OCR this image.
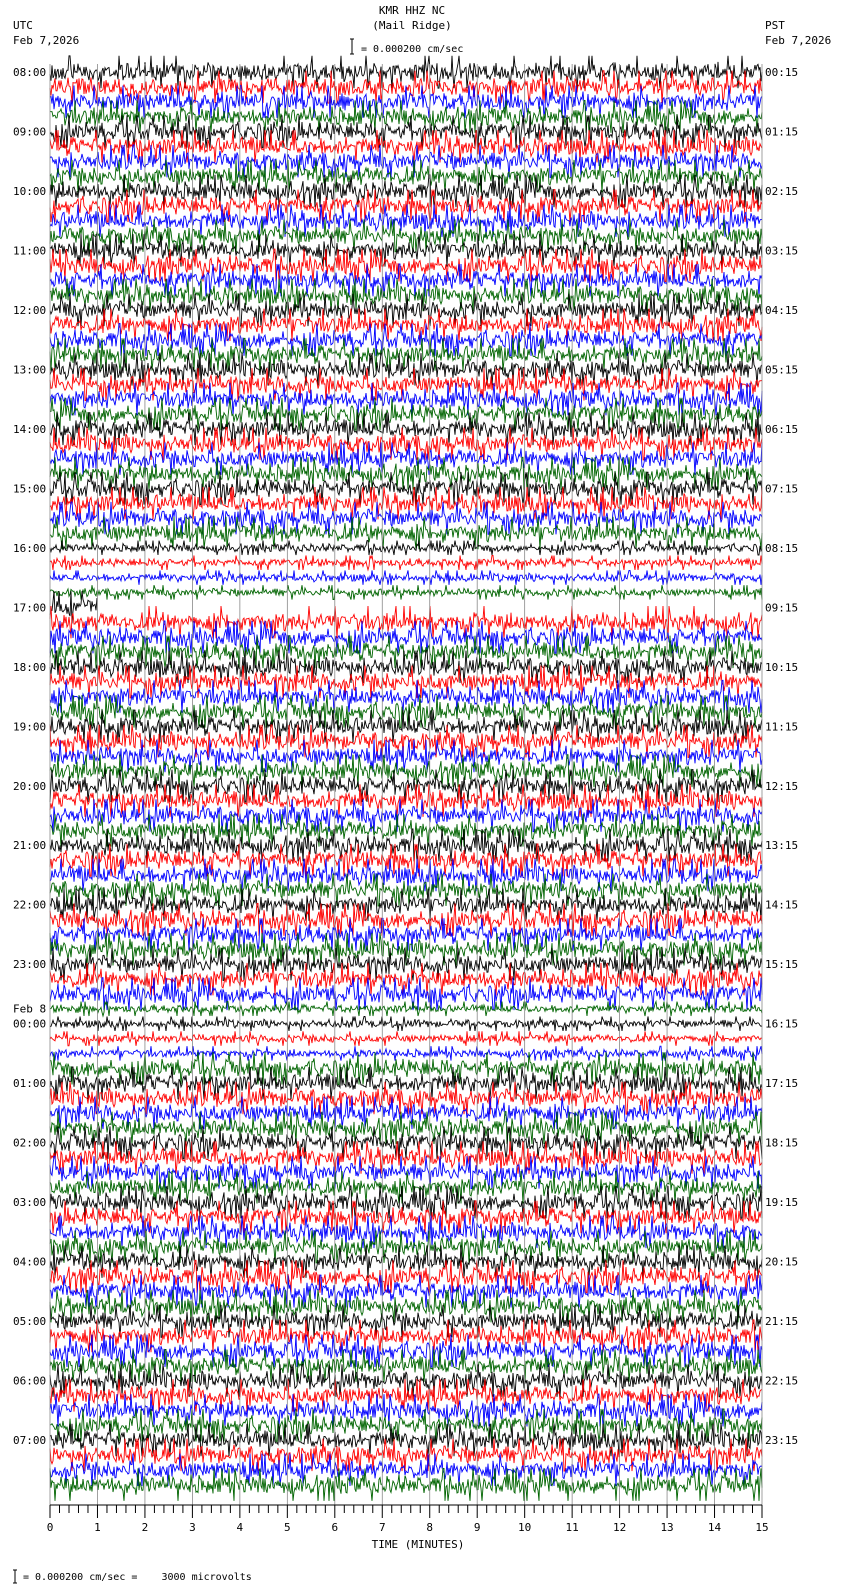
KMR HHZ NC
(Mail Ridge)
UTC
Feb 7,2026
PST
Feb 7,2026
= 0.000200 cm/sec
08:00	00:15
09:00	01:15
10:00	02:15
11:00	03:15
12:00	04:15
13:00	05:15
14:00	06:15
15:00	07:15
16:00	08:15
17:00	09:15
18:00	10:15
19:00	11:15
20:00	12:15
21:00	13:15
22:00	14:15
23:00	15:15
00:00	16:15
Feb 8
01:00	17:15
02:00	18:15
03:00	19:15
04:00	20:15
05:00	21:15
06:00	22:15
07:00	23:15
0	1	2	3	4	5	6	7	8	9	10	11	12	13	14	15
TIME (MINUTES)
= 0.000200 cm/sec =    3000 microvolts
